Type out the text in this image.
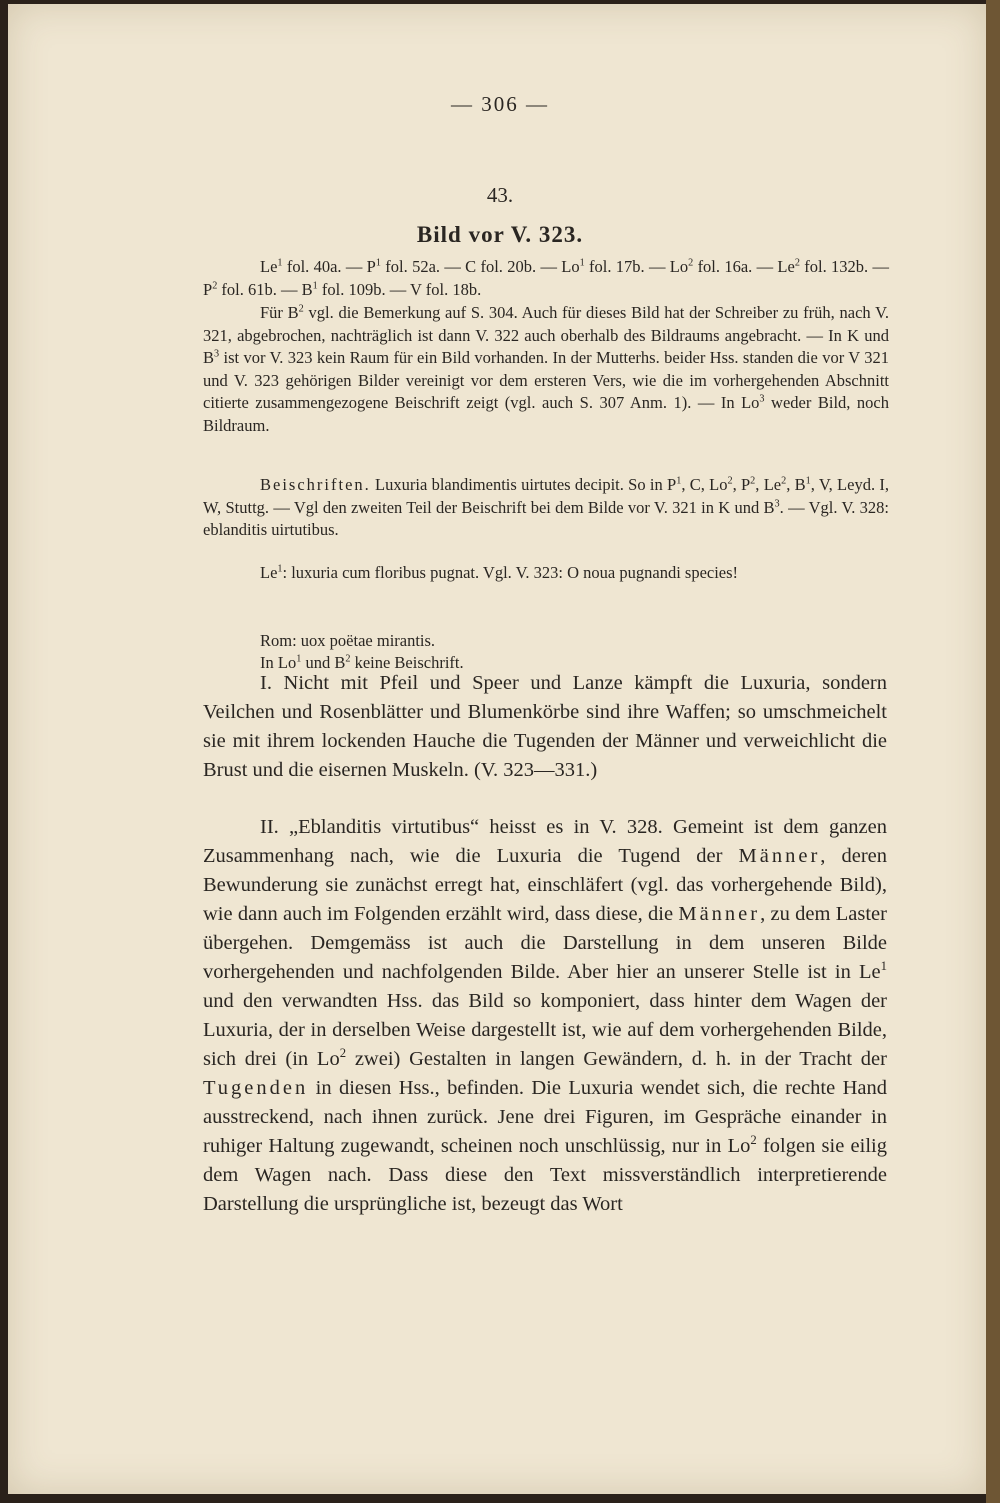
— 306 —
43.
Bild vor V. 323.

Le$^1$ fol. 40a. — $P^1$ fol. 52a. — C fol. 20b. — Lo$^1$ fol. 17b. — Lo$^2$ fol. 16a. — Le$^2$ fol. 132b. — $P^2$ fol. 61b. — $B^1$ fol. 109b. — V fol. 18b.

Für $B^2$ vgl. die Bemerkung auf S. 304. Auch für dieses Bild hat der Schreiber zu früh, nach V. 321, abgebrochen, nachträglich ist dann V. 322 auch oberhalb des Bildraums angebracht. — In K und $B^3$ ist vor V. 323 kein Raum für ein Bild vorhanden. In der Mutterhs. beider Hss. standen die vor V 321 und V. 323 gehörigen Bilder vereinigt vor dem ersteren Vers, wie die im vorhergehenden Abschnitt citierte zusammengezogene Beischrift zeigt (vgl. auch S. 307 Anm. 1). — In Lo$^3$ weder Bild, noch Bildraum.

Beischriften. Luxuria blandimentis uirtutes decipit. So in $P^1$, C, Lo$^2$, $P^2$, Le$^2$, $B^1$, V, Leyd. I, W, Stuttg. — Vgl den zweiten Teil der Beischrift bei dem Bilde vor V. 321 in K und $B^3$. — Vgl. V. 328: eblanditis uirtutibus.

Le$^1$: luxuria cum floribus pugnat. Vgl. V. 323: O noua pugnandi species!

Rom: uox poëtae mirantis.

In Lo$^1$ und $B^2$ keine Beischrift.

I. Nicht mit Pfeil und Speer und Lanze kämpft die Luxuria, sondern Veilchen und Rosenblätter und Blumenkörbe sind ihre Waffen; so umschmeichelt sie mit ihrem lockenden Hauche die Tugenden der Männer und verweichlicht die Brust und die eisernen Muskeln. (V. 323—331.)

II. „Eblanditis virtutibus“ heisst es in V. 328. Gemeint ist dem ganzen Zusammenhang nach, wie die Luxuria die Tugend der Männer, deren Bewunderung sie zunächst erregt hat, einschläfert (vgl. das vorhergehende Bild), wie dann auch im Folgenden erzählt wird, dass diese, die Männer, zu dem Laster übergehen. Demgemäss ist auch die Darstellung in dem unseren Bilde vorhergehenden und nachfolgenden Bilde. Aber hier an unserer Stelle ist in Le$^1$ und den verwandten Hss. das Bild so komponiert, dass hinter dem Wagen der Luxuria, der in derselben Weise dargestellt ist, wie auf dem vorhergehenden Bilde, sich drei (in Lo$^2$ zwei) Gestalten in langen Gewändern, d. h. in der Tracht der Tugenden in diesen Hss., befinden. Die Luxuria wendet sich, die rechte Hand ausstreckend, nach ihnen zurück. Jene drei Figuren, im Gespräche einander in ruhiger Haltung zugewandt, scheinen noch unschlüssig, nur in Lo$^2$ folgen sie eilig dem Wagen nach. Dass diese den Text missverständlich interpretierende Darstellung die ursprüngliche ist, bezeugt das Wort
